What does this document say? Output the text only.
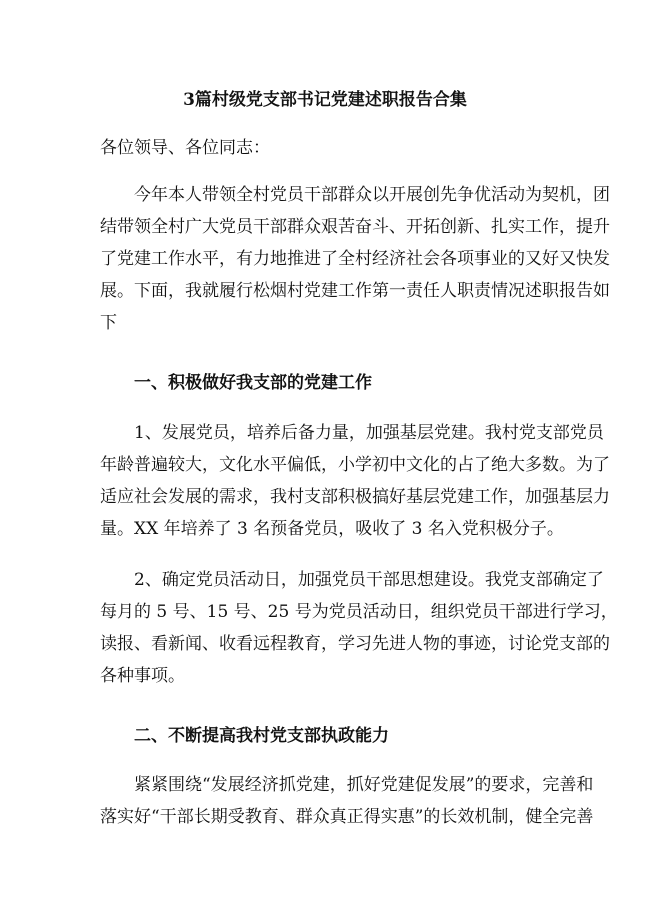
3篇村级党支部书记党建述职报告合集
各位领导、各位同志：
今年本人带领全村党员干部群众以开展创先争优活动为契机，团
结带领全村广大党员干部群众艰苦奋斗、开拓创新、扎实工作，提升
了党建工作水平，有力地推进了全村经济社会各项事业的又好又快发
展。下面，我就履行松烟村党建工作第一责任人职责情况述职报告如
下
一、积极做好我支部的党建工作
1、发展党员，培养后备力量，加强基层党建。我村党支部党员
年龄普遍较大，文化水平偏低，小学初中文化的占了绝大多数。为了
适应社会发展的需求，我村支部积极搞好基层党建工作，加强基层力
量。XX 年培养了 3 名预备党员，吸收了 3 名入党积极分子。
2、确定党员活动日，加强党员干部思想建设。我党支部确定了
每月的 5 号、15 号、25 号为党员活动日，组织党员干部进行学习，
读报、看新闻、收看远程教育，学习先进人物的事迹，讨论党支部的
各种事项。
二、不断提高我村党支部执政能力
紧紧围绕“发展经济抓党建，抓好党建促发展”的要求，完善和
落实好“干部长期受教育、群众真正得实惠”的长效机制，健全完善
